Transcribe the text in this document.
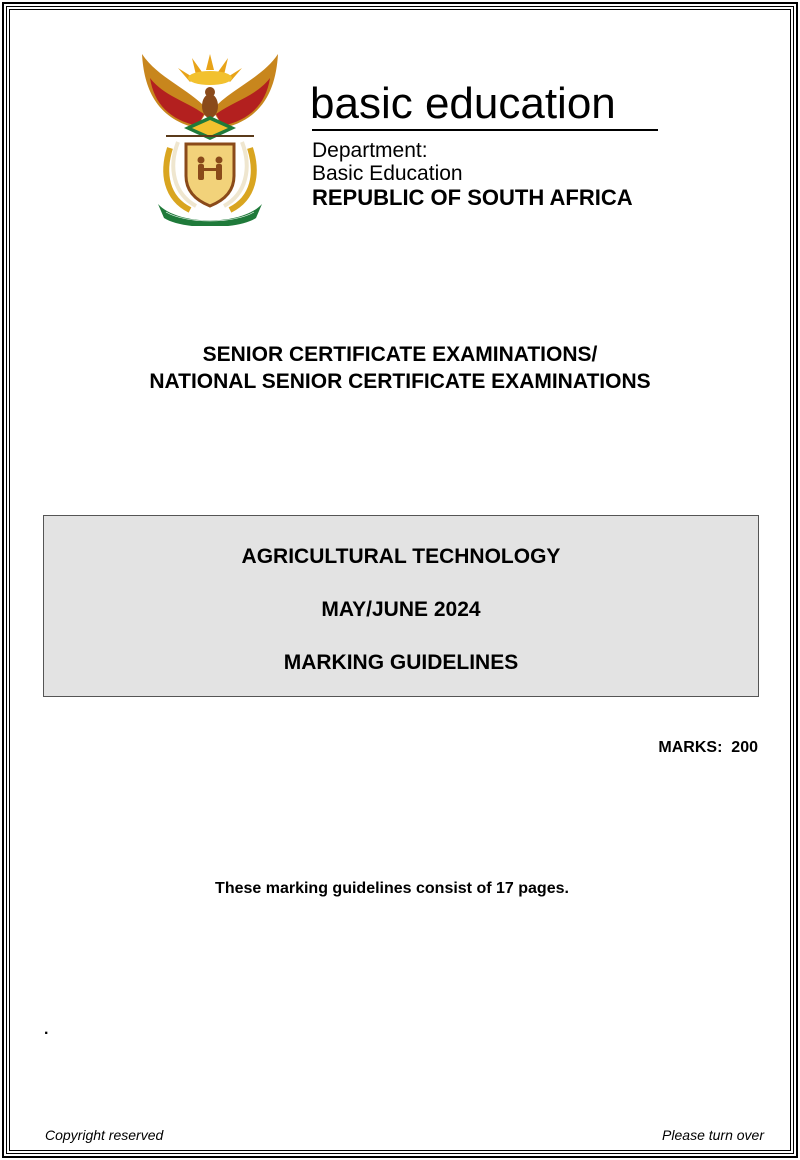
basic education
Department:
Basic Education
REPUBLIC OF SOUTH AFRICA
SENIOR CERTIFICATE EXAMINATIONS/
NATIONAL SENIOR CERTIFICATE EXAMINATIONS
AGRICULTURAL TECHNOLOGY
MAY/JUNE 2024
MARKING GUIDELINES
MARKS:  200
These marking guidelines consist of 17 pages.
.
Copyright reserved	Please turn over
